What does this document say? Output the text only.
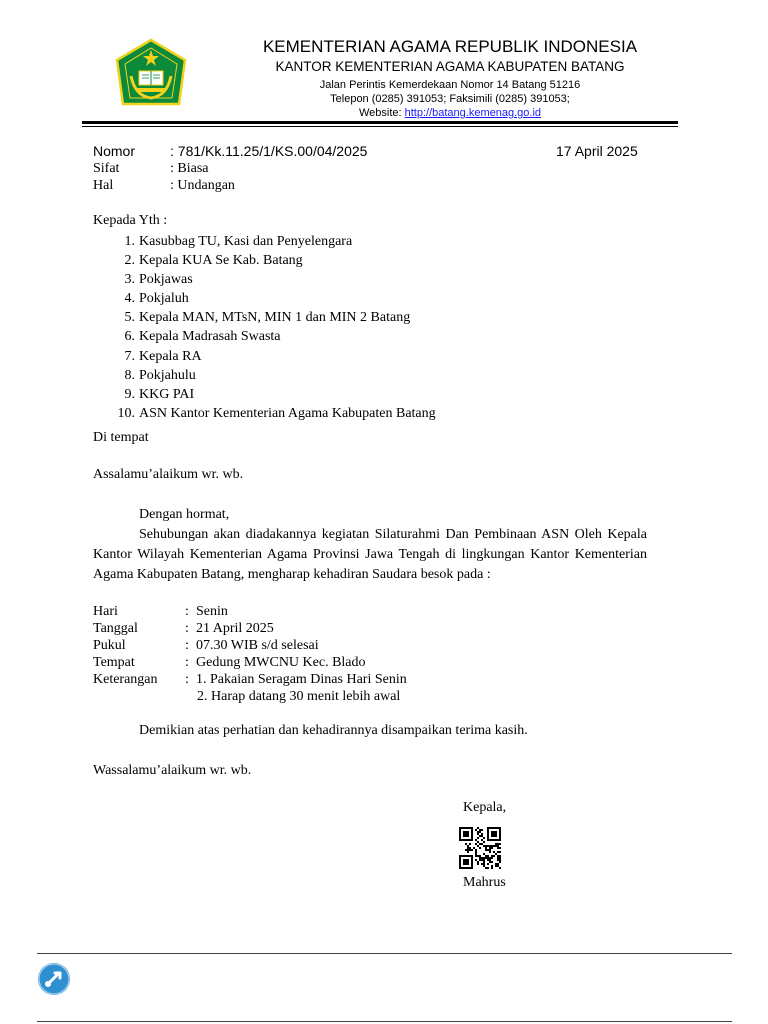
KEMENTERIAN AGAMA REPUBLIK INDONESIA
KANTOR KEMENTERIAN AGAMA KABUPATEN BATANG
Jalan Perintis Kemerdekaan Nomor 14 Batang 51216
Telepon (0285) 391053; Faksimili (0285) 391053;
Website: http://batang.kemenag.go.id
Nomor : 781/Kk.11.25/1/KS.00/04/2025	17 April 2025
Sifat	: Biasa
Hal	: Undangan
Kepada Yth :
1. Kasubbag TU, Kasi dan Penyelengara
2. Kepala KUA Se Kab. Batang
3. Pokjawas
4. Pokjaluh
5. Kepala MAN, MTsN, MIN 1 dan MIN 2 Batang
6. Kepala Madrasah Swasta
7. Kepala RA
8. Pokjahulu
9. KKG PAI
10. ASN Kantor Kementerian Agama Kabupaten Batang
Di tempat
Assalamu’alaikum wr. wb.
Dengan hormat,
Sehubungan akan diadakannya kegiatan Silaturahmi Dan Pembinaan ASN Oleh Kepala Kantor Wilayah Kementerian Agama Provinsi Jawa Tengah di lingkungan Kantor Kementerian Agama Kabupaten Batang, mengharap kehadiran Saudara besok pada :
Hari	: Senin
Tanggal	: 21 April 2025
Pukul	: 07.30 WIB s/d selesai
Tempat	: Gedung MWCNU Kec. Blado
Keterangan : 1. Pakaian Seragam Dinas Hari Senin
2. Harap datang 30 menit lebih awal
Demikian atas perhatian dan kehadirannya disampaikan terima kasih.
Wassalamu’alaikum wr. wb.
Kepala,
Mahrus
